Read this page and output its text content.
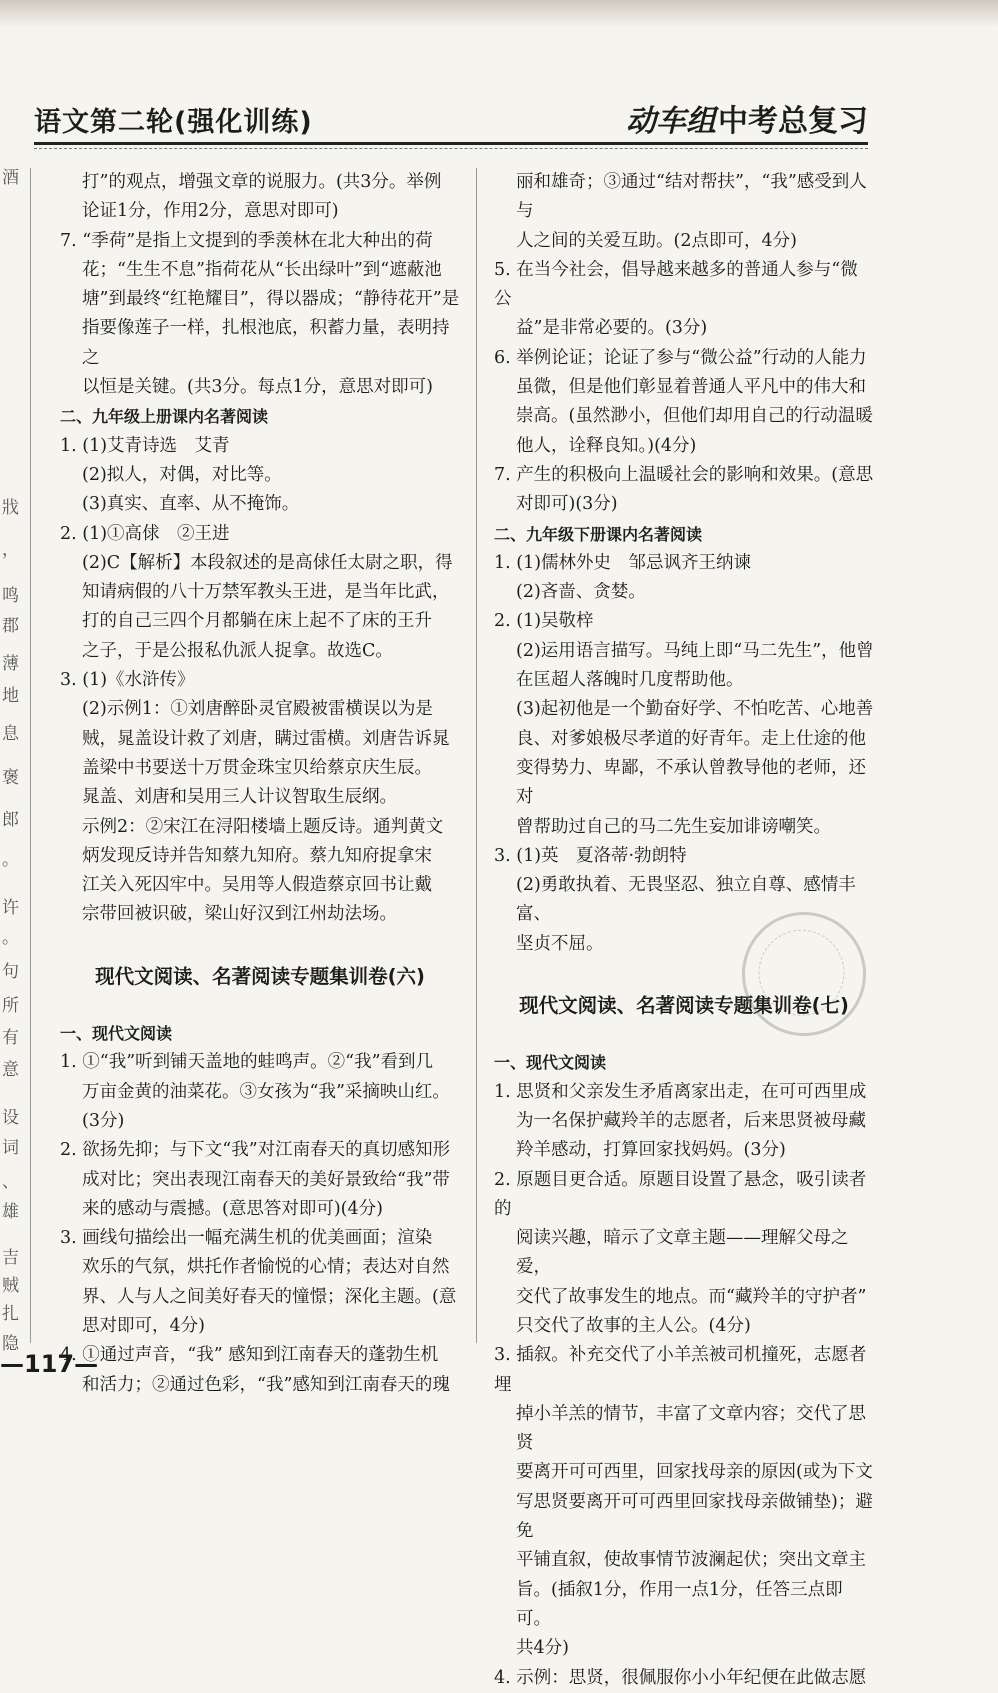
语文第二轮(强化训练)	动车组中考总复习
酒
戕
，
鸣
郡
薄
地
息
褒
郎
。
许
。
句
所
有
意
设
词
、
雄
吉
贼
扎
隐

打”的观点，增强文章的说服力。(共3分。举例

论证1分，作用2分，意思对即可)

7. “季荷”是指上文提到的季羡林在北大种出的荷

花；“生生不息”指荷花从“长出绿叶”到“遮蔽池

塘”到最终“红艳耀目”，得以器成；“静待花开”是

指要像莲子一样，扎根池底，积蓄力量，表明持之

以恒是关键。(共3分。每点1分，意思对即可)

二、九年级上册课内名著阅读

1. (1)艾青诗选　艾青

(2)拟人，对偶，对比等。

(3)真实、直率、从不掩饰。

2. (1)①高俅　②王进

(2)C【解析】本段叙述的是高俅任太尉之职，得

知请病假的八十万禁军教头王进，是当年比武，

打的自己三四个月都躺在床上起不了床的王升

之子，于是公报私仇派人捉拿。故选C。

3. (1)《水浒传》

(2)示例1：①刘唐醉卧灵官殿被雷横误以为是

贼，晁盖设计救了刘唐，瞒过雷横。刘唐告诉晁

盖梁中书要送十万贯金珠宝贝给蔡京庆生辰。

晁盖、刘唐和吴用三人计议智取生辰纲。

示例2：②宋江在浔阳楼墙上题反诗。通判黄文

炳发现反诗并告知蔡九知府。蔡九知府捉拿宋

江关入死囚牢中。吴用等人假造蔡京回书让戴

宗带回被识破，梁山好汉到江州劫法场。

现代文阅读、名著阅读专题集训卷(六)

一、现代文阅读

1. ①“我”听到铺天盖地的蛙鸣声。②“我”看到几

万亩金黄的油菜花。③女孩为“我”采摘映山红。

(3分)

2. 欲扬先抑；与下文“我”对江南春天的真切感知形

成对比；突出表现江南春天的美好景致给“我”带

来的感动与震撼。(意思答对即可)(4分)

3. 画线句描绘出一幅充满生机的优美画面；渲染

欢乐的气氛，烘托作者愉悦的心情；表达对自然

界、人与人之间美好春天的憧憬；深化主题。(意

思对即可，4分)

4. ①通过声音，“我” 感知到江南春天的蓬勃生机

和活力；②通过色彩，“我”感知到江南春天的瑰

丽和雄奇；③通过“结对帮扶”，“我”感受到人与

人之间的关爱互助。(2点即可，4分)

5. 在当今社会，倡导越来越多的普通人参与“微公

益”是非常必要的。(3分)

6. 举例论证；论证了参与“微公益”行动的人能力

虽微，但是他们彰显着普通人平凡中的伟大和

崇高。(虽然渺小，但他们却用自己的行动温暖

他人，诠释良知。)(4分)

7. 产生的积极向上温暖社会的影响和效果。(意思

对即可)(3分)

二、九年级下册课内名著阅读

1. (1)儒林外史　邹忌讽齐王纳谏

(2)吝啬、贪婪。

2. (1)吴敬梓

(2)运用语言描写。马纯上即“马二先生”，他曾

在匡超人落魄时几度帮助他。

(3)起初他是一个勤奋好学、不怕吃苦、心地善

良、对爹娘极尽孝道的好青年。走上仕途的他

变得势力、卑鄙，不承认曾教导他的老师，还对

曾帮助过自己的马二先生妄加诽谤嘲笑。

3. (1)英　夏洛蒂·勃朗特

(2)勇敢执着、无畏坚忍、独立自尊、感情丰富、

坚贞不屈。

现代文阅读、名著阅读专题集训卷(七)

一、现代文阅读

1. 思贤和父亲发生矛盾离家出走，在可可西里成

为一名保护藏羚羊的志愿者，后来思贤被母藏

羚羊感动，打算回家找妈妈。(3分)

2. 原题目更合适。原题目设置了悬念，吸引读者的

阅读兴趣，暗示了文章主题——理解父母之爱，

交代了故事发生的地点。而“藏羚羊的守护者”

只交代了故事的主人公。(4分)

3. 插叙。补充交代了小羊羔被司机撞死，志愿者埋

掉小羊羔的情节，丰富了文章内容；交代了思贤

要离开可可西里，回家找母亲的原因(或为下文

写思贤要离开可可西里回家找母亲做铺垫)；避免

平铺直叙，使故事情节波澜起伏；突出文章主

旨。(插叙1分，作用一点1分，任答三点即可。

共4分)

4. 示例：思贤，很佩服你小小年纪便在此做志愿

—117—
